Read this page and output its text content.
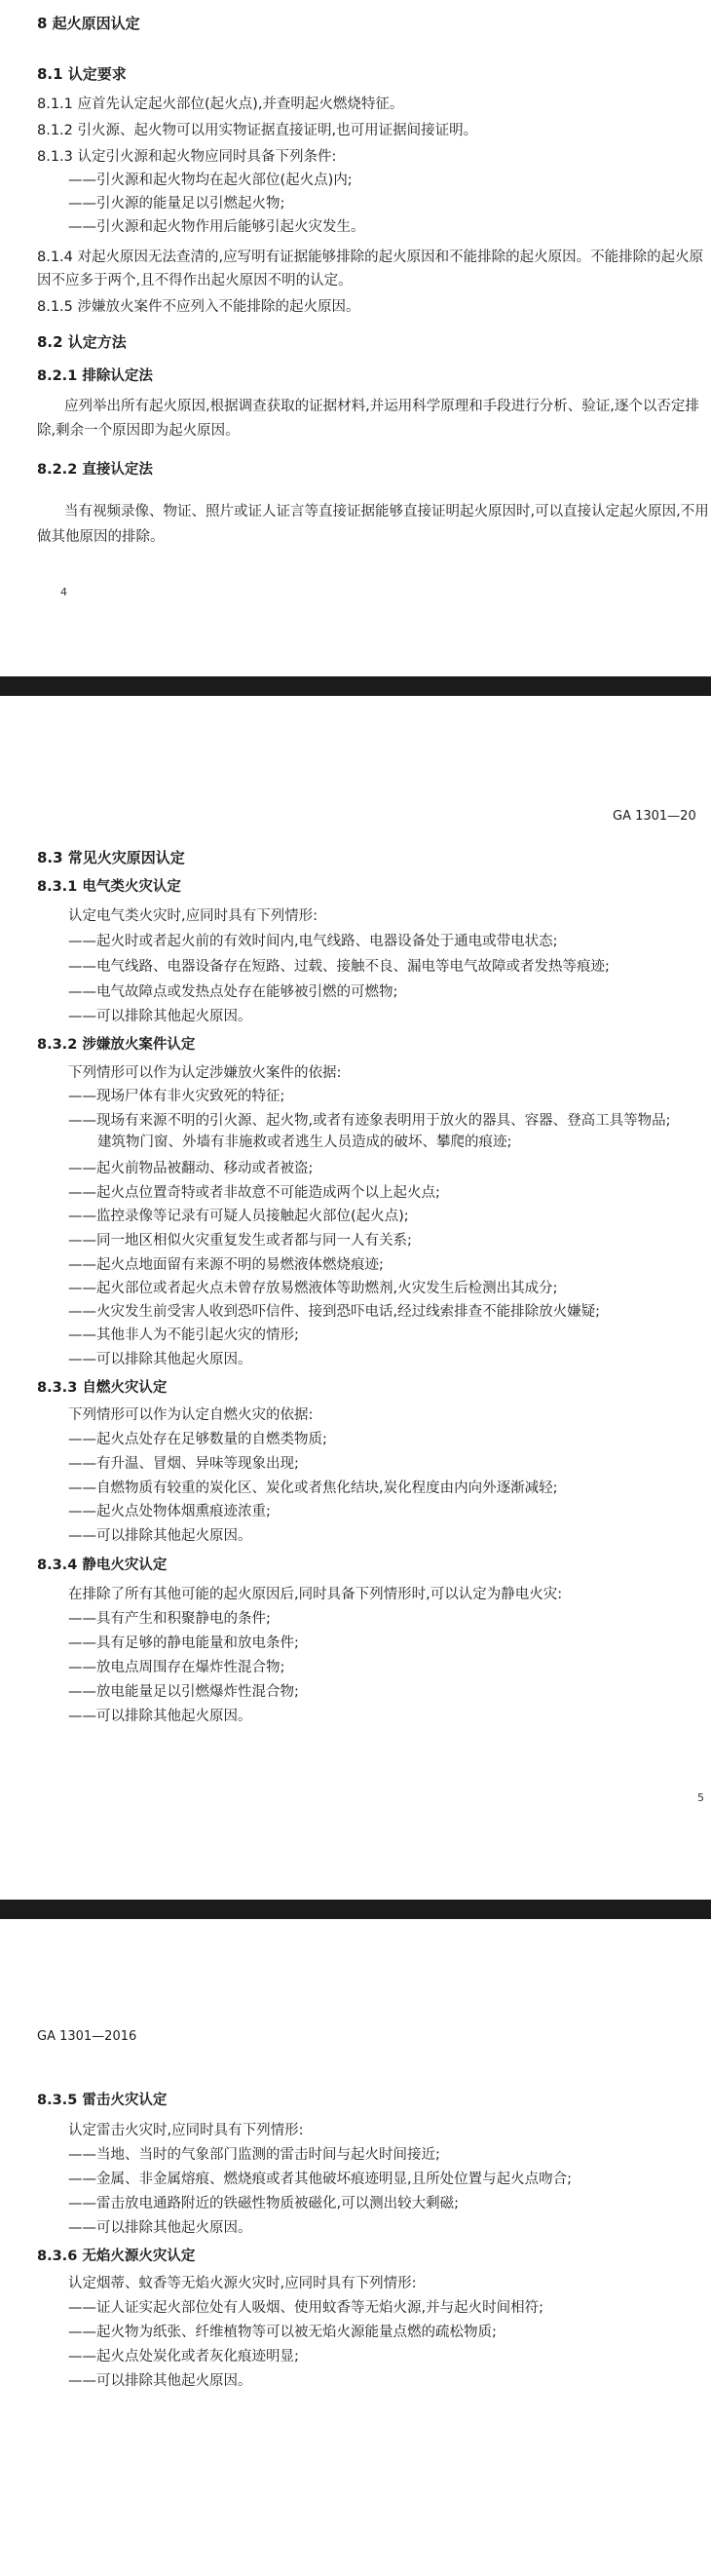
8 起火原因认定
8.1 认定要求
8.1.1 应首先认定起火部位(起火点),并查明起火燃烧特征。
8.1.2 引火源、起火物可以用实物证据直接证明,也可用证据间接证明。
8.1.3 认定引火源和起火物应同时具备下列条件:
——引火源和起火物均在起火部位(起火点)内;
——引火源的能量足以引燃起火物;
——引火源和起火物作用后能够引起火灾发生。
8.1.4 对起火原因无法查清的,应写明有证据能够排除的起火原因和不能排除的起火原因。不能排除的起火原因不应多于两个,且不得作出起火原因不明的认定。
8.1.5 涉嫌放火案件不应列入不能排除的起火原因。
8.2 认定方法
8.2.1 排除认定法
应列举出所有起火原因,根据调查获取的证据材料,并运用科学原理和手段进行分析、验证,逐个以否定排除,剩余一个原因即为起火原因。
8.2.2 直接认定法
当有视频录像、物证、照片或证人证言等直接证据能够直接证明起火原因时,可以直接认定起火原因,不用做其他原因的排除。
4
GA 1301—20
8.3 常见火灾原因认定
8.3.1 电气类火灾认定
认定电气类火灾时,应同时具有下列情形:
——起火时或者起火前的有效时间内,电气线路、电器设备处于通电或带电状态;
——电气线路、电器设备存在短路、过载、接触不良、漏电等电气故障或者发热等痕迹;
——电气故障点或发热点处存在能够被引燃的可燃物;
——可以排除其他起火原因。
8.3.2 涉嫌放火案件认定
下列情形可以作为认定涉嫌放火案件的依据:
——现场尸体有非火灾致死的特征;
——现场有来源不明的引火源、起火物,或者有迹象表明用于放火的器具、容器、登高工具等物品;
建筑物门窗、外墙有非施救或者逃生人员造成的破坏、攀爬的痕迹;
——起火前物品被翻动、移动或者被盗;
——起火点位置奇特或者非故意不可能造成两个以上起火点;
——监控录像等记录有可疑人员接触起火部位(起火点);
——同一地区相似火灾重复发生或者都与同一人有关系;
——起火点地面留有来源不明的易燃液体燃烧痕迹;
——起火部位或者起火点未曾存放易燃液体等助燃剂,火灾发生后检测出其成分;
——火灾发生前受害人收到恐吓信件、接到恐吓电话,经过线索排查不能排除放火嫌疑;
——其他非人为不能引起火灾的情形;
——可以排除其他起火原因。
8.3.3 自燃火灾认定
下列情形可以作为认定自燃火灾的依据:
——起火点处存在足够数量的自燃类物质;
——有升温、冒烟、异味等现象出现;
——自燃物质有较重的炭化区、炭化或者焦化结块,炭化程度由内向外逐渐减轻;
——起火点处物体烟熏痕迹浓重;
——可以排除其他起火原因。
8.3.4 静电火灾认定
在排除了所有其他可能的起火原因后,同时具备下列情形时,可以认定为静电火灾:
——具有产生和积聚静电的条件;
——具有足够的静电能量和放电条件;
——放电点周围存在爆炸性混合物;
——放电能量足以引燃爆炸性混合物;
——可以排除其他起火原因。
5
GA 1301—2016
8.3.5 雷击火灾认定
认定雷击火灾时,应同时具有下列情形:
——当地、当时的气象部门监测的雷击时间与起火时间接近;
——金属、非金属熔痕、燃烧痕或者其他破坏痕迹明显,且所处位置与起火点吻合;
——雷击放电通路附近的铁磁性物质被磁化,可以测出较大剩磁;
——可以排除其他起火原因。
8.3.6 无焰火源火灾认定
认定烟蒂、蚊香等无焰火源火灾时,应同时具有下列情形:
——证人证实起火部位处有人吸烟、使用蚊香等无焰火源,并与起火时间相符;
——起火物为纸张、纤维植物等可以被无焰火源能量点燃的疏松物质;
——起火点处炭化或者灰化痕迹明显;
——可以排除其他起火原因。
